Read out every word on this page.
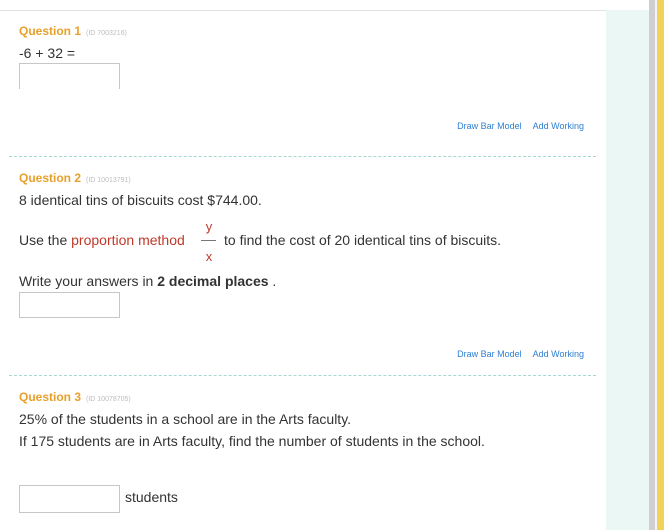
Question 1 (ID 7003216)
-6 + 32 =
Draw Bar Model Add Working
Question 2 (ID 10013791)
8 identical tins of biscuits cost $744.00.
Use the proportion method
y
x
to find the cost of 20 identical tins of biscuits.
Write your answers in 2 decimal places .
Draw Bar Model Add Working
Question 3 (ID 10078705)
25% of the students in a school are in the Arts faculty.
If 175 students are in Arts faculty, find the number of students in the school.
students
